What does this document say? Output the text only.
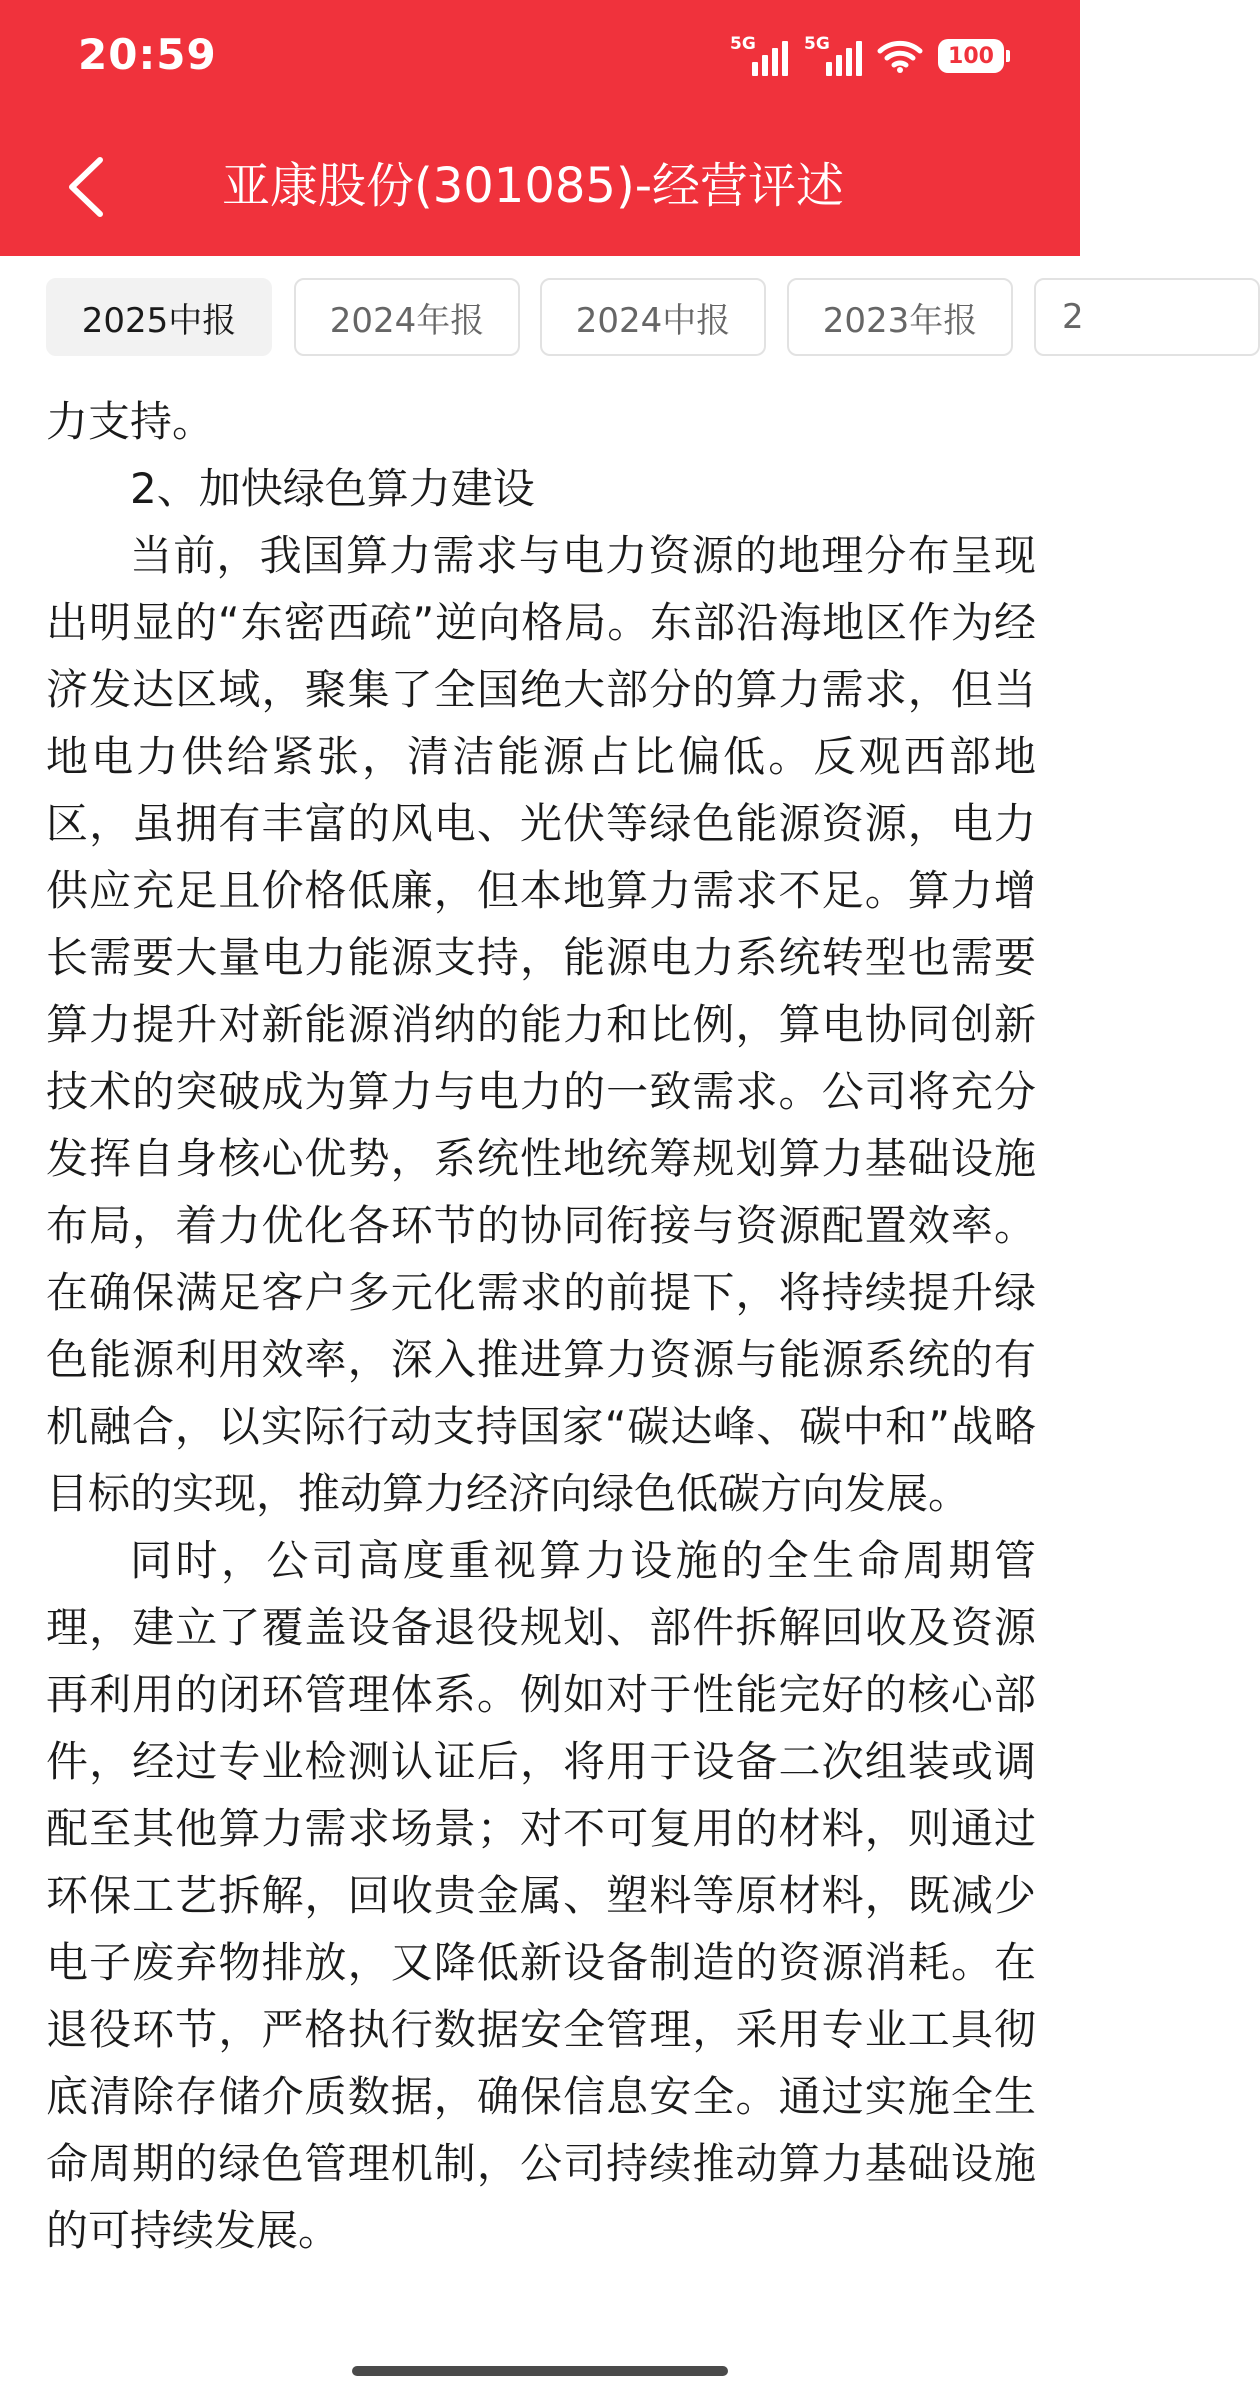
20:59	5G	5G	100
亚康股份(301085)-经营评述
2025中报	2024年报	2024中报	2023年报	2

力支持。

2、加快绿色算力建设

当前，我国算力需求与电力资源的地理分布呈现出明显的“东密西疏”逆向格局。东部沿海地区作为经济发达区域，聚集了全国绝大部分的算力需求，但当地电力供给紧张，清洁能源占比偏低。反观西部地区，虽拥有丰富的风电、光伏等绿色能源资源，电力供应充足且价格低廉，但本地算力需求不足。算力增长需要大量电力能源支持，能源电力系统转型也需要算力提升对新能源消纳的能力和比例，算电协同创新技术的突破成为算力与电力的一致需求。公司将充分发挥自身核心优势，系统性地统筹规划算力基础设施布局，着力优化各环节的协同衔接与资源配置效率。在确保满足客户多元化需求的前提下，将持续提升绿色能源利用效率，深入推进算力资源与能源系统的有机融合，以实际行动支持国家“碳达峰、碳中和”战略目标的实现，推动算力经济向绿色低碳方向发展。

同时，公司高度重视算力设施的全生命周期管理，建立了覆盖设备退役规划、部件拆解回收及资源再利用的闭环管理体系。例如对于性能完好的核心部件，经过专业检测认证后，将用于设备二次组装或调配至其他算力需求场景；对不可复用的材料，则通过环保工艺拆解，回收贵金属、塑料等原材料，既减少电子废弃物排放，又降低新设备制造的资源消耗。在退役环节，严格执行数据安全管理，采用专业工具彻底清除存储介质数据，确保信息安全。通过实施全生命周期的绿色管理机制，公司持续推动算力基础设施的可持续发展。
